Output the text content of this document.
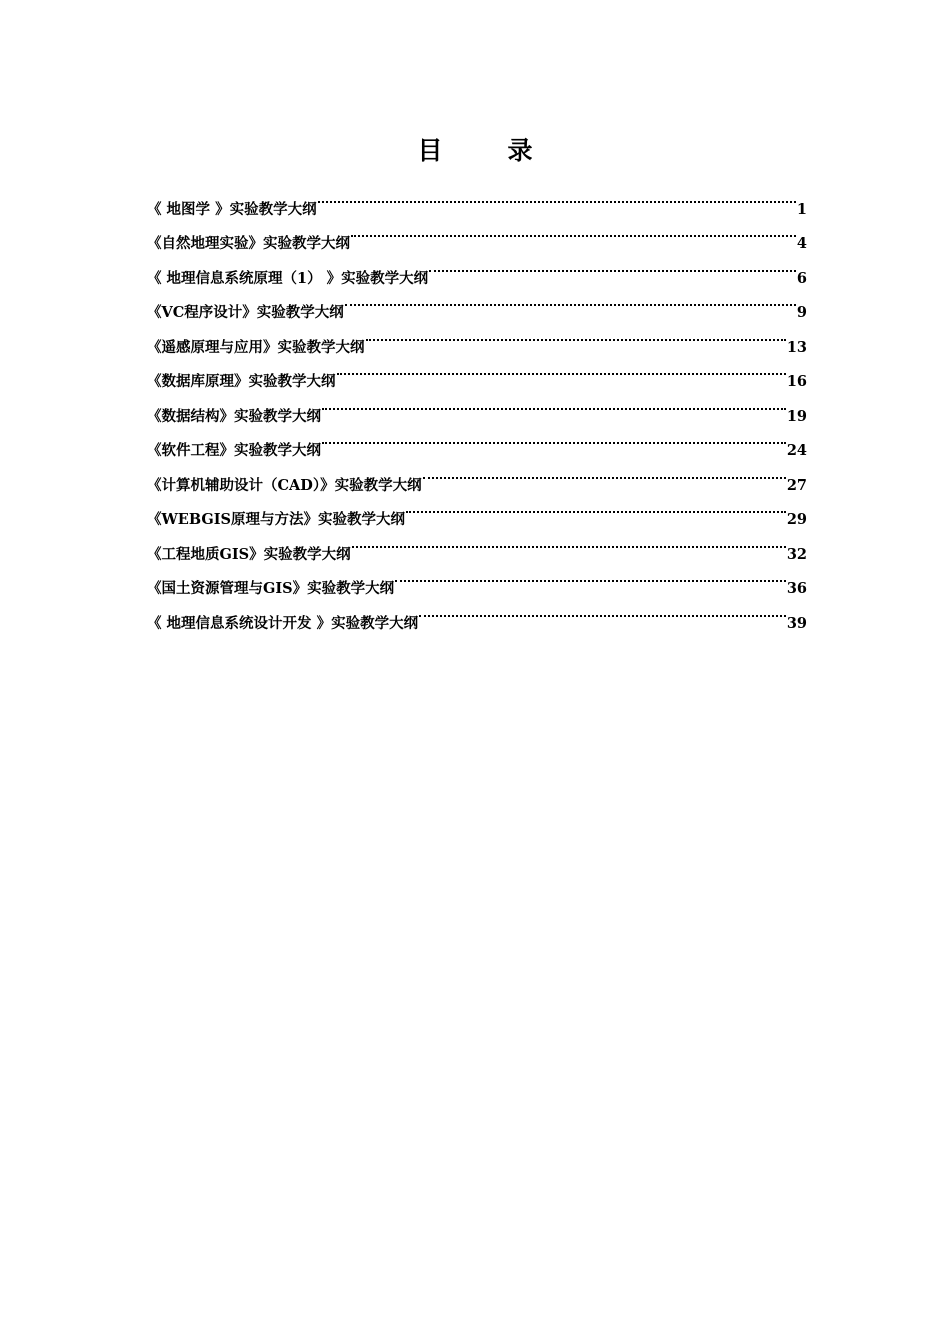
目　录
《 地图学 》实验教学大纲	1
《自然地理实验》实验教学大纲	4
《 地理信息系统原理（1） 》实验教学大纲	6
《VC程序设计》实验教学大纲	9
《遥感原理与应用》实验教学大纲	13
《数据库原理》实验教学大纲	16
《数据结构》实验教学大纲	19
《软件工程》实验教学大纲	24
《计算机辅助设计（CAD）》实验教学大纲	27
《WEBGIS原理与方法》实验教学大纲	29
《工程地质GIS》实验教学大纲	32
《国土资源管理与GIS》实验教学大纲	36
《 地理信息系统设计开发 》实验教学大纲	39
